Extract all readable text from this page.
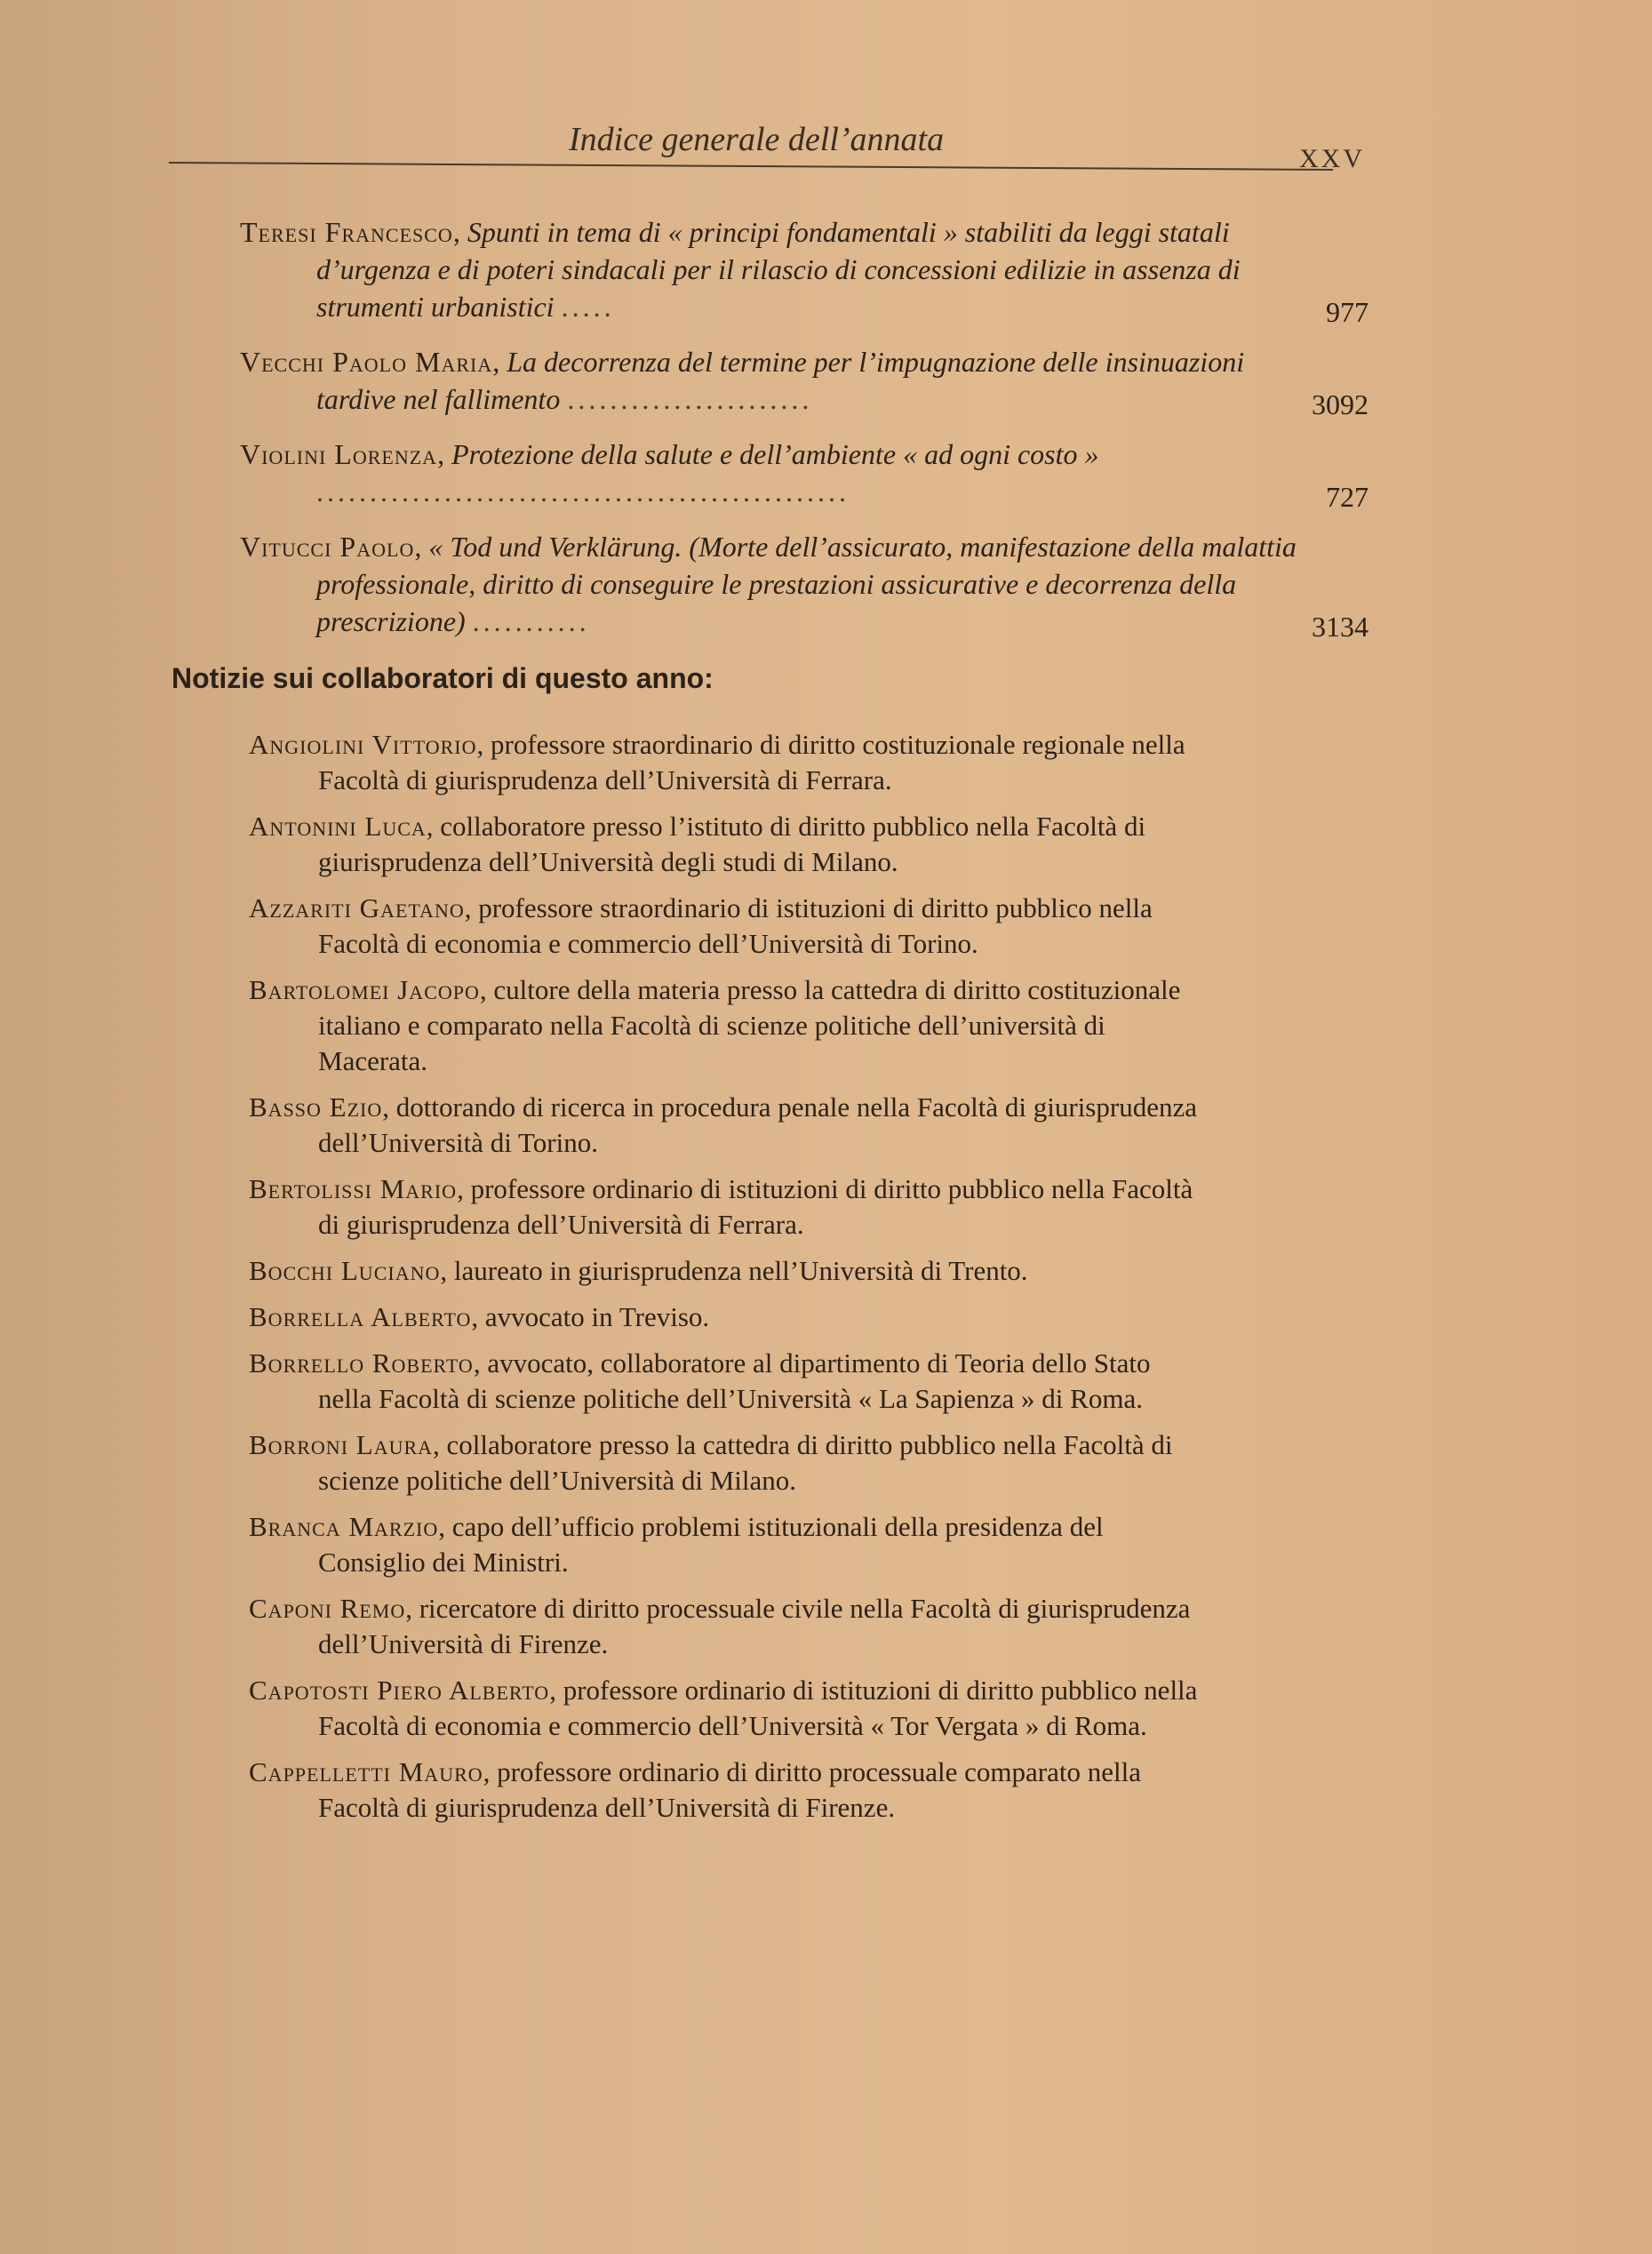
Indice generale dell’annata
XXV
Teresi Francesco, Spunti in tema di « principi fondamentali » stabiliti da leggi statali d’urgenza e di poteri sindacali per il rilascio di concessioni edilizie in assenza di strumenti urbanistici .....	977
Vecchi Paolo Maria, La decorrenza del termine per l’impugnazione delle insinuazioni tardive nel fallimento .......................	3092
Violini Lorenza, Protezione della salute e dell’ambiente « ad ogni costo » ..................................................	727
Vitucci Paolo, « Tod und Verklärung. (Morte dell’assicurato, manifestazione della malattia professionale, diritto di conseguire le prestazioni assicurative e decorrenza della prescrizione) ...........	3134
Notizie sui collaboratori di questo anno:
Angiolini Vittorio, professore straordinario di diritto costituzionale regionale nella Facoltà di giurisprudenza dell’Università di Ferrara.
Antonini Luca, collaboratore presso l’istituto di diritto pubblico nella Facoltà di giurisprudenza dell’Università degli studi di Milano.
Azzariti Gaetano, professore straordinario di istituzioni di diritto pubblico nella Facoltà di economia e commercio dell’Università di Torino.
Bartolomei Jacopo, cultore della materia presso la cattedra di diritto costituzionale italiano e comparato nella Facoltà di scienze politiche dell’università di Macerata.
Basso Ezio, dottorando di ricerca in procedura penale nella Facoltà di giurisprudenza dell’Università di Torino.
Bertolissi Mario, professore ordinario di istituzioni di diritto pubblico nella Facoltà di giurisprudenza dell’Università di Ferrara.
Bocchi Luciano, laureato in giurisprudenza nell’Università di Trento.
Borrella Alberto, avvocato in Treviso.
Borrello Roberto, avvocato, collaboratore al dipartimento di Teoria dello Stato nella Facoltà di scienze politiche dell’Università « La Sapienza » di Roma.
Borroni Laura, collaboratore presso la cattedra di diritto pubblico nella Facoltà di scienze politiche dell’Università di Milano.
Branca Marzio, capo dell’ufficio problemi istituzionali della presidenza del Consiglio dei Ministri.
Caponi Remo, ricercatore di diritto processuale civile nella Facoltà di giurisprudenza dell’Università di Firenze.
Capotosti Piero Alberto, professore ordinario di istituzioni di diritto pubblico nella Facoltà di economia e commercio dell’Università « Tor Vergata » di Roma.
Cappelletti Mauro, professore ordinario di diritto processuale comparato nella Facoltà di giurisprudenza dell’Università di Firenze.
